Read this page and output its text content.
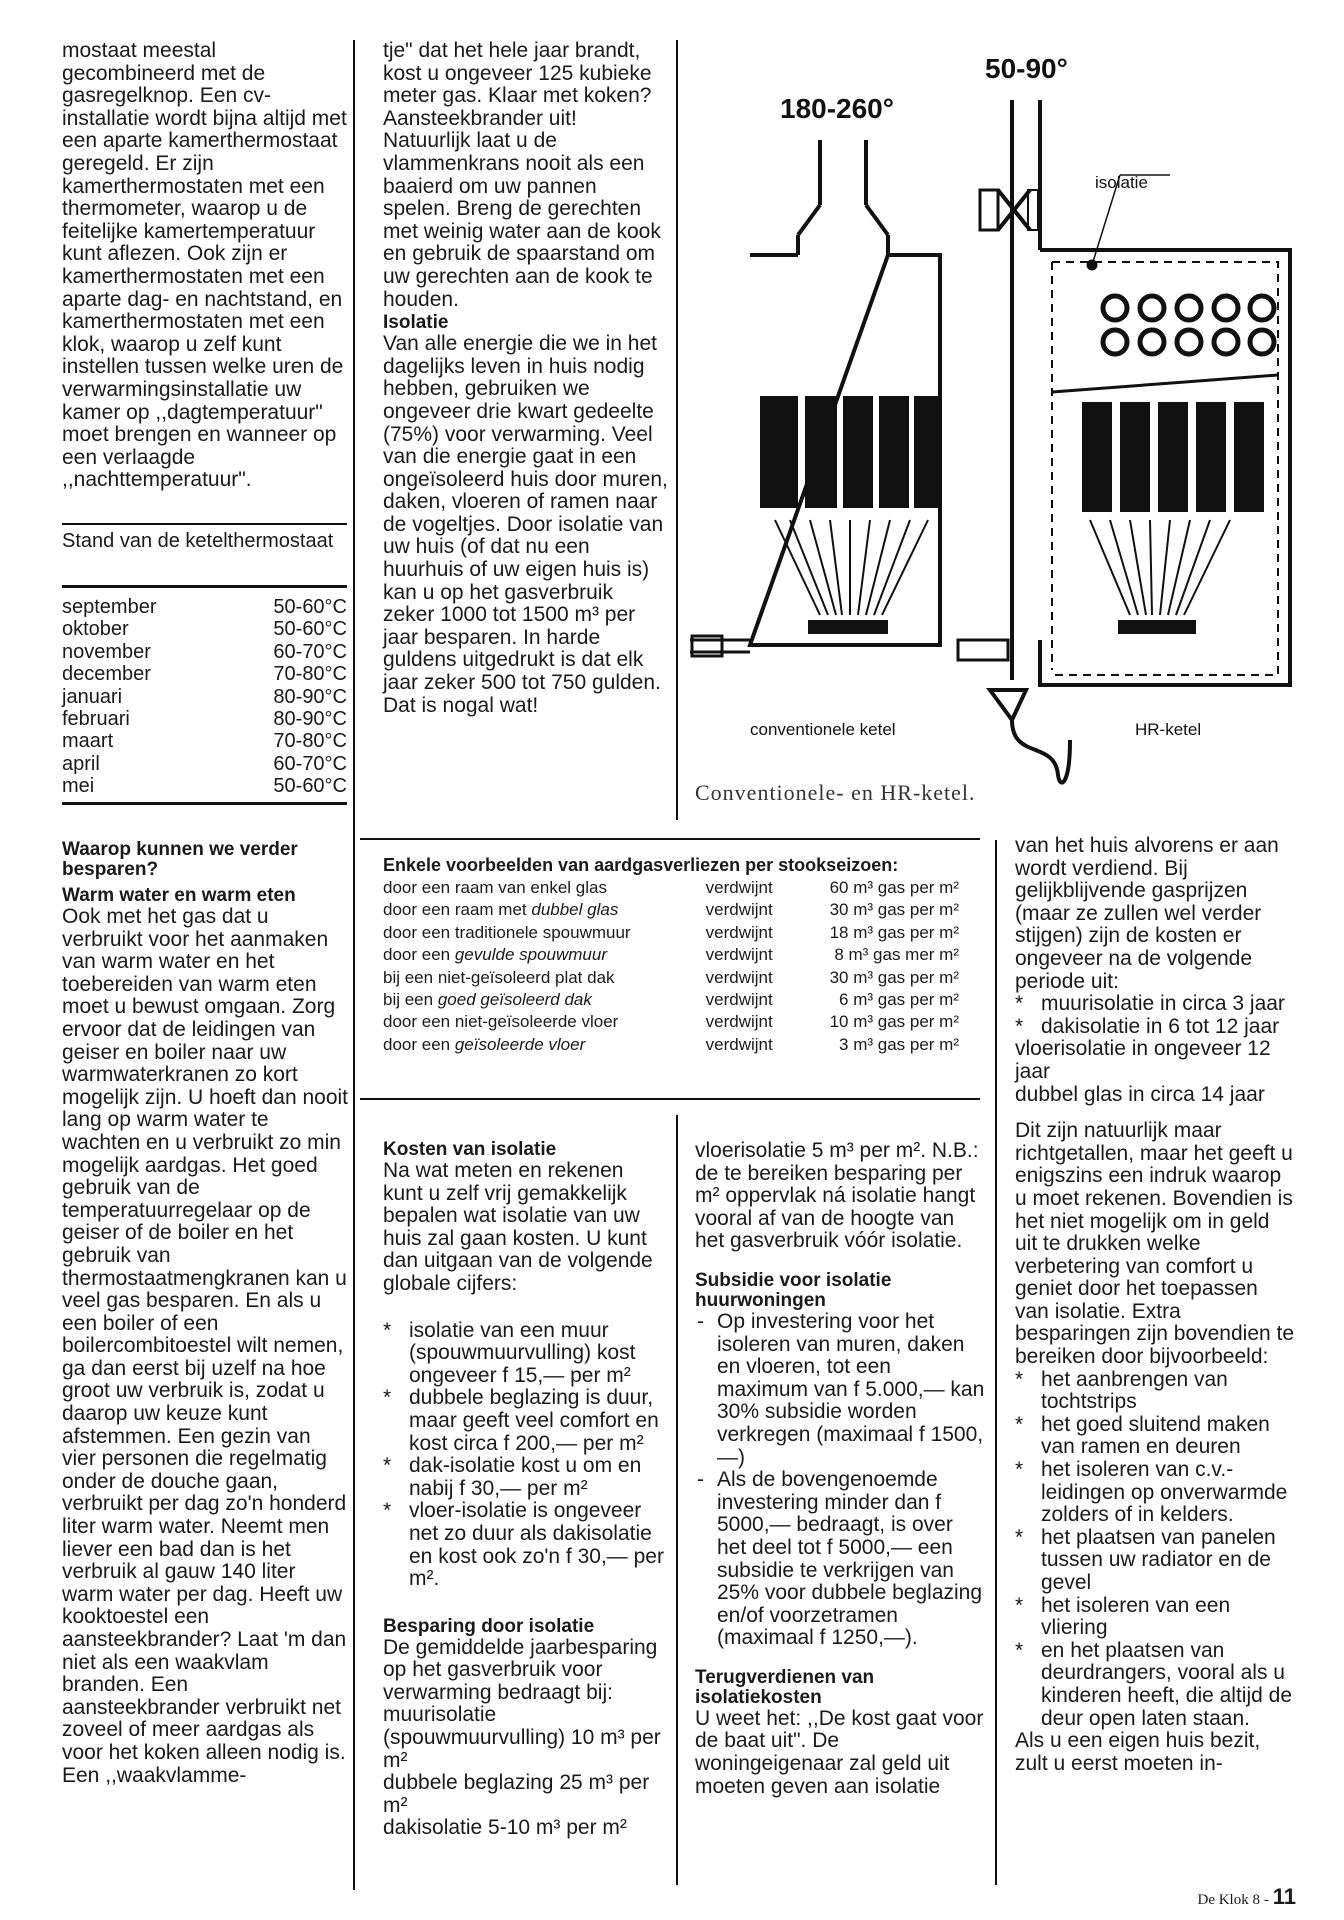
mostaat meestal gecombineerd met de gasregelknop. Een cv-installatie wordt bijna altijd met een aparte kamerthermostaat geregeld. Er zijn kamerthermostaten met een thermometer, waarop u de feitelijke kamertemperatuur kunt aflezen. Ook zijn er kamerthermostaten met een aparte dag- en nachtstand, en kamerthermostaten met een klok, waarop u zelf kunt instellen tussen welke uren de verwarmingsinstallatie uw kamer op ,,dagtemperatuur" moet brengen en wanneer op een verlaagde ,,nachttemperatuur".

Stand van de ketelthermostaat

september	50-60°C
oktober	50-60°C
november	60-70°C
december	70-80°C
januari	80-90°C
februari	80-90°C
maart	70-80°C
april	60-70°C
mei	50-60°C

Waarop kunnen we verder besparen?

Warm water en warm eten

Ook met het gas dat u verbruikt voor het aanmaken van warm water en het toebereiden van warm eten moet u bewust omgaan. Zorg ervoor dat de leidingen van geiser en boiler naar uw warmwaterkranen zo kort mogelijk zijn. U hoeft dan nooit lang op warm water te wachten en u verbruikt zo min mogelijk aardgas. Het goed gebruik van de temperatuurregelaar op de geiser of de boiler en het gebruik van thermostaatmengkranen kan u veel gas besparen. En als u een boiler of een boilercombitoestel wilt nemen, ga dan eerst bij uzelf na hoe groot uw verbruik is, zodat u daarop uw keuze kunt afstemmen. Een gezin van vier personen die regelmatig onder de douche gaan, verbruikt per dag zo'n honderd liter warm water. Neemt men liever een bad dan is het verbruik al gauw 140 liter warm water per dag. Heeft uw kooktoestel een aansteekbrander? Laat 'm dan niet als een waakvlam branden. Een aansteekbrander verbruikt net zoveel of meer aardgas als voor het koken alleen nodig is. Een ,,waakvlamme-

tje" dat het hele jaar brandt, kost u ongeveer 125 kubieke meter gas. Klaar met koken? Aansteekbrander uit! Natuurlijk laat u de vlammenkrans nooit als een baaierd om uw pannen spelen. Breng de gerechten met weinig water aan de kook en gebruik de spaarstand om uw gerechten aan de kook te houden.

Isolatie

Van alle energie die we in het dagelijks leven in huis nodig hebben, gebruiken we ongeveer drie kwart gedeelte (75%) voor verwarming. Veel van die energie gaat in een ongeïsoleerd huis door muren, daken, vloeren of ramen naar de vogeltjes. Door isolatie van uw huis (of dat nu een huurhuis of uw eigen huis is) kan u op het gasverbruik zeker 1000 tot 1500 m³ per jaar besparen. In harde guldens uitgedrukt is dat elk jaar zeker 500 tot 750 gulden. Dat is nogal wat!

180-260°
50-90°
isolatie
conventionele ketel	HR-ketel
Conventionele- en HR-ketel.

Enkele voorbeelden van aardgasverliezen per stookseizoen:

door een raam van enkel glas	verdwijnt	60 m³ gas per m²
door een raam met dubbel glas	verdwijnt	30 m³ gas per m²
door een traditionele spouwmuur	verdwijnt	18 m³ gas per m²
door een gevulde spouwmuur	verdwijnt	8 m³ gas mer m²
bij een niet-geïsoleerd plat dak	verdwijnt	30 m³ gas per m²
bij een goed geïsoleerd dak	verdwijnt	6 m³ gas per m²
door een niet-geïsoleerde vloer	verdwijnt	10 m³ gas per m²
door een geïsoleerde vloer	verdwijnt	3 m³ gas per m²

Kosten van isolatie

Na wat meten en rekenen kunt u zelf vrij gemakkelijk bepalen wat isolatie van uw huis zal gaan kosten. U kunt dan uitgaan van de volgende globale cijfers:

* isolatie van een muur (spouwmuurvulling) kost ongeveer f 15,— per m²
* dubbele beglazing is duur, maar geeft veel comfort en kost circa f 200,— per m²
* dak-isolatie kost u om en nabij f 30,— per m²
* vloer-isolatie is ongeveer net zo duur als dakisolatie en kost ook zo'n f 30,— per m².

Besparing door isolatie

De gemiddelde jaarbesparing op het gasverbruik voor verwarming bedraagt bij:

muurisolatie (spouwmuurvulling) 10 m³ per m²
dubbele beglazing 25 m³ per m²
dakisolatie 5-10 m³ per m²

vloerisolatie 5 m³ per m². N.B.: de te bereiken besparing per m² oppervlak ná isolatie hangt vooral af van de hoogte van het gasverbruik vóór isolatie.

Subsidie voor isolatie huurwoningen

- Op investering voor het isoleren van muren, daken en vloeren, tot een maximum van f 5.000,— kan 30% subsidie worden verkregen (maximaal f 1500,—)
- Als de bovengenoemde investering minder dan f 5000,— bedraagt, is over het deel tot f 5000,— een subsidie te verkrijgen van 25% voor dubbele beglazing en/of voorzetramen (maximaal f 1250,—).

Terugverdienen van isolatiekosten

U weet het: ,,De kost gaat voor de baat uit". De woningeigenaar zal geld uit moeten geven aan isolatie

van het huis alvorens er aan wordt verdiend. Bij gelijkblijvende gasprijzen (maar ze zullen wel verder stijgen) zijn de kosten er ongeveer na de volgende periode uit:

* muurisolatie in circa 3 jaar
* dakisolatie in 6 tot 12 jaar
vloerisolatie in ongeveer 12 jaar
dubbel glas in circa 14 jaar

Dit zijn natuurlijk maar richtgetallen, maar het geeft u enigszins een indruk waarop u moet rekenen. Bovendien is het niet mogelijk om in geld uit te drukken welke verbetering van comfort u geniet door het toepassen van isolatie. Extra besparingen zijn bovendien te bereiken door bijvoorbeeld:

* het aanbrengen van tochtstrips
* het goed sluitend maken van ramen en deuren
* het isoleren van c.v.-leidingen op onverwarmde zolders of in kelders.
* het plaatsen van panelen tussen uw radiator en de gevel
* het isoleren van een vliering
* en het plaatsen van deurdrangers, vooral als u kinderen heeft, die altijd de deur open laten staan.

Als u een eigen huis bezit, zult u eerst moeten in-

De Klok 8 - 11
